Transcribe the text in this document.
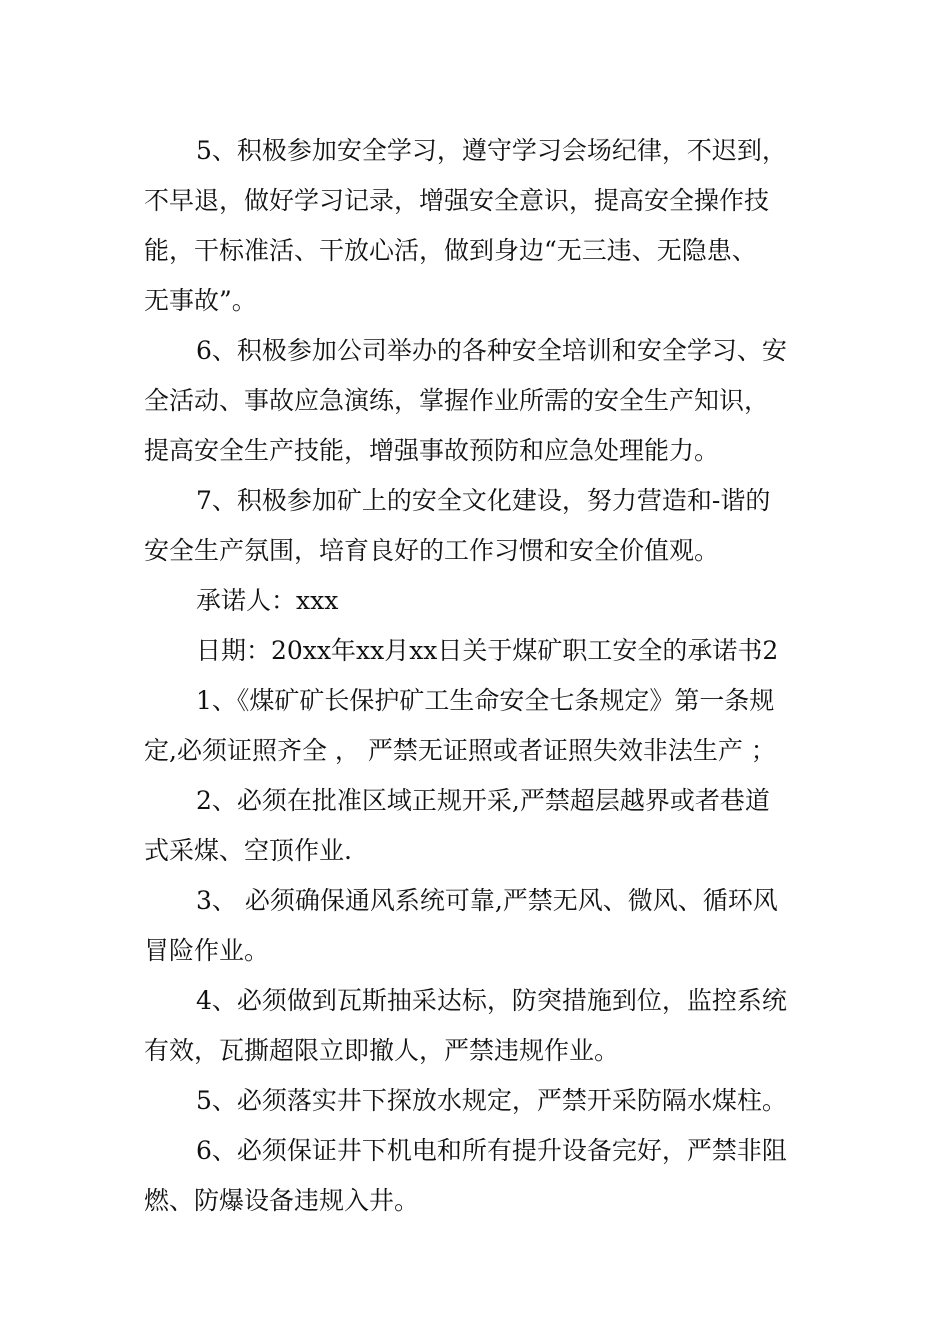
5、积极参加安全学习，遵守学习会场纪律，不迟到，
不早退，做好学习记录，增强安全意识，提高安全操作技
能，干标准活、干放心活，做到身边“无三违、无隐患、
无事故”。
6、积极参加公司举办的各种安全培训和安全学习、安
全活动、事故应急演练，掌握作业所需的安全生产知识，
提高安全生产技能，增强事故预防和应急处理能力。
7、积极参加矿上的安全文化建设，努力营造和-谐的
安全生产氛围，培育良好的工作习惯和安全价值观。
承诺人：xxx
日期：20xx年xx月xx日关于煤矿职工安全的承诺书2
1、《煤矿矿长保护矿工生命安全七条规定》第一条规
定,必须证照齐全 ， 严禁无证照或者证照失效非法生产 ；
2、必须在批准区域正规开采,严禁超层越界或者巷道
式采煤、空顶作业.
3、 必须确保通风系统可靠,严禁无风、微风、循环风
冒险作业。
4、必须做到瓦斯抽采达标，防突措施到位，监控系统
有效，瓦撕超限立即撤人，严禁违规作业。
5、必须落实井下探放水规定，严禁开采防隔水煤柱。
6、必须保证井下机电和所有提升设备完好，严禁非阻
燃、防爆设备违规入井。
